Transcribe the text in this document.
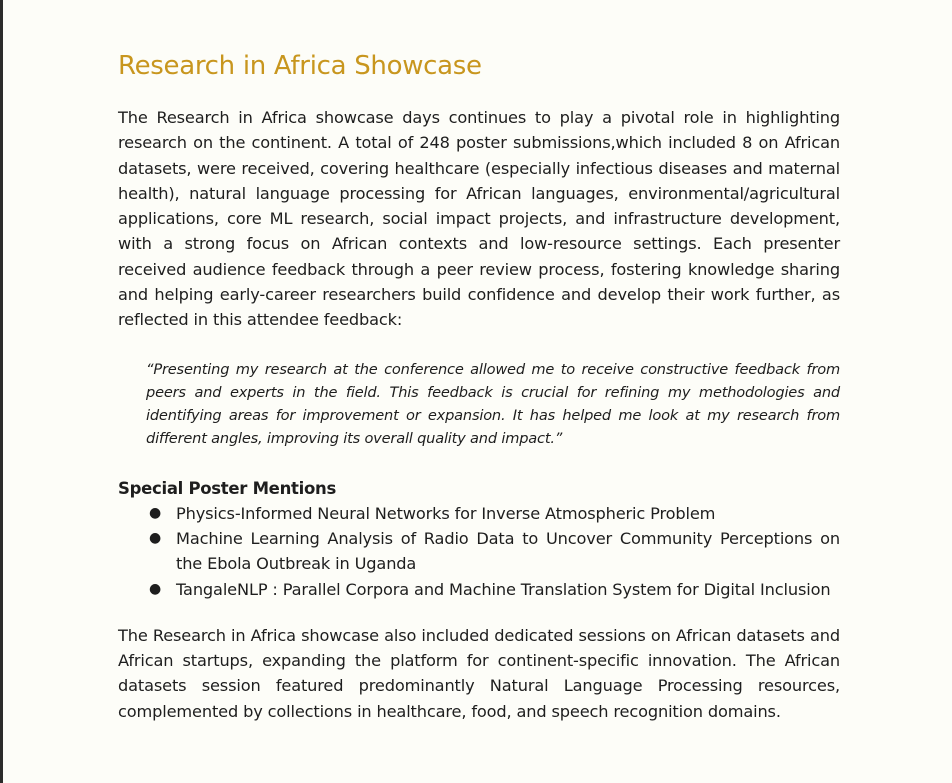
Research in Africa Showcase

The Research in Africa showcase days continues to play a pivotal role in highlighting research on the continent. A total of 248 poster submissions,which included 8 on African datasets, were received, covering healthcare (especially infectious diseases and maternal health), natural language processing for African languages, environmental/agricultural applications, core ML research, social impact projects, and infrastructure development, with a strong focus on African contexts and low-resource settings. Each presenter received audience feedback through a peer review process, fostering knowledge sharing and helping early-career researchers build confidence and develop their work further, as reflected in this attendee feedback:

“Presenting my research at the conference allowed me to receive constructive feedback from peers and experts in the field. This feedback is crucial for refining my methodologies and identifying areas for improvement or expansion. It has helped me look at my research from different angles, improving its overall quality and impact.”

Special Poster Mentions
● Physics-Informed Neural Networks for Inverse Atmospheric Problem
● Machine Learning Analysis of Radio Data to Uncover Community Perceptions on the Ebola Outbreak in Uganda
● TangaleNLP : Parallel Corpora and Machine Translation System for Digital Inclusion

The Research in Africa showcase also included dedicated sessions on African datasets and African startups, expanding the platform for continent-specific innovation. The African datasets session featured predominantly Natural Language Processing resources, complemented by collections in healthcare, food, and speech recognition domains.
